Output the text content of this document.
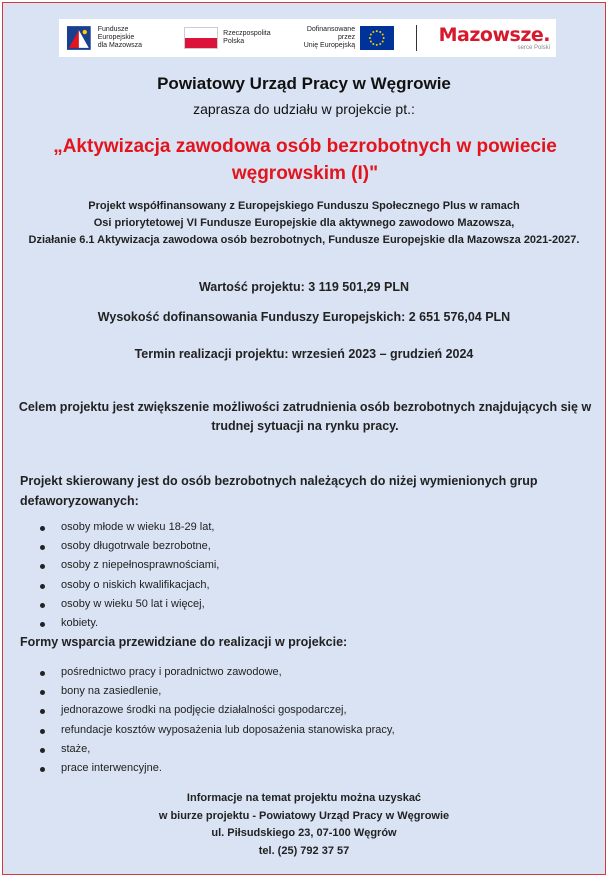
Fundusze Europejskie
dla Mazowsza
Rzeczpospolita
Polska
Dofinansowane przez
Unię Europejską	Mazowsze.
serce Polski
Powiatowy Urząd Pracy w Węgrowie
zaprasza do udziału w projekcie pt.:
„Aktywizacja zawodowa osób bezrobotnych w powiecie węgrowskim (I)"
Projekt współfinansowany z Europejskiego Funduszu Społecznego Plus w ramach
Osi priorytetowej VI Fundusze Europejskie dla aktywnego zawodowo Mazowsza,
Działanie 6.1 Aktywizacja zawodowa osób bezrobotnych, Fundusze Europejskie dla Mazowsza 2021-2027.
Wartość projektu: 3 119 501,29 PLN
Wysokość dofinansowania Funduszy Europejskich: 2 651 576,04 PLN
Termin realizacji projektu: wrzesień 2023 – grudzień 2024
Celem projektu jest zwiększenie możliwości zatrudnienia osób bezrobotnych znajdujących się w trudnej sytuacji na rynku pracy.
Projekt skierowany jest do osób bezrobotnych należących do niżej wymienionych grup defaworyzowanych:
osoby młode w wieku 18-29 lat,
osoby długotrwale bezrobotne,
osoby z niepełnosprawnościami,
osoby o niskich kwalifikacjach,
osoby w wieku 50 lat i więcej,
kobiety.
Formy wsparcia przewidziane do realizacji w projekcie:
pośrednictwo pracy i poradnictwo zawodowe,
bony na zasiedlenie,
jednorazowe środki na podjęcie działalności gospodarczej,
refundacje kosztów wyposażenia lub doposażenia stanowiska pracy,
staże,
prace interwencyjne.
Informacje na temat projektu można uzyskać
w biurze projektu - Powiatowy Urząd Pracy w Węgrowie
ul. Piłsudskiego 23, 07-100 Węgrów
tel. (25) 792 37 57
